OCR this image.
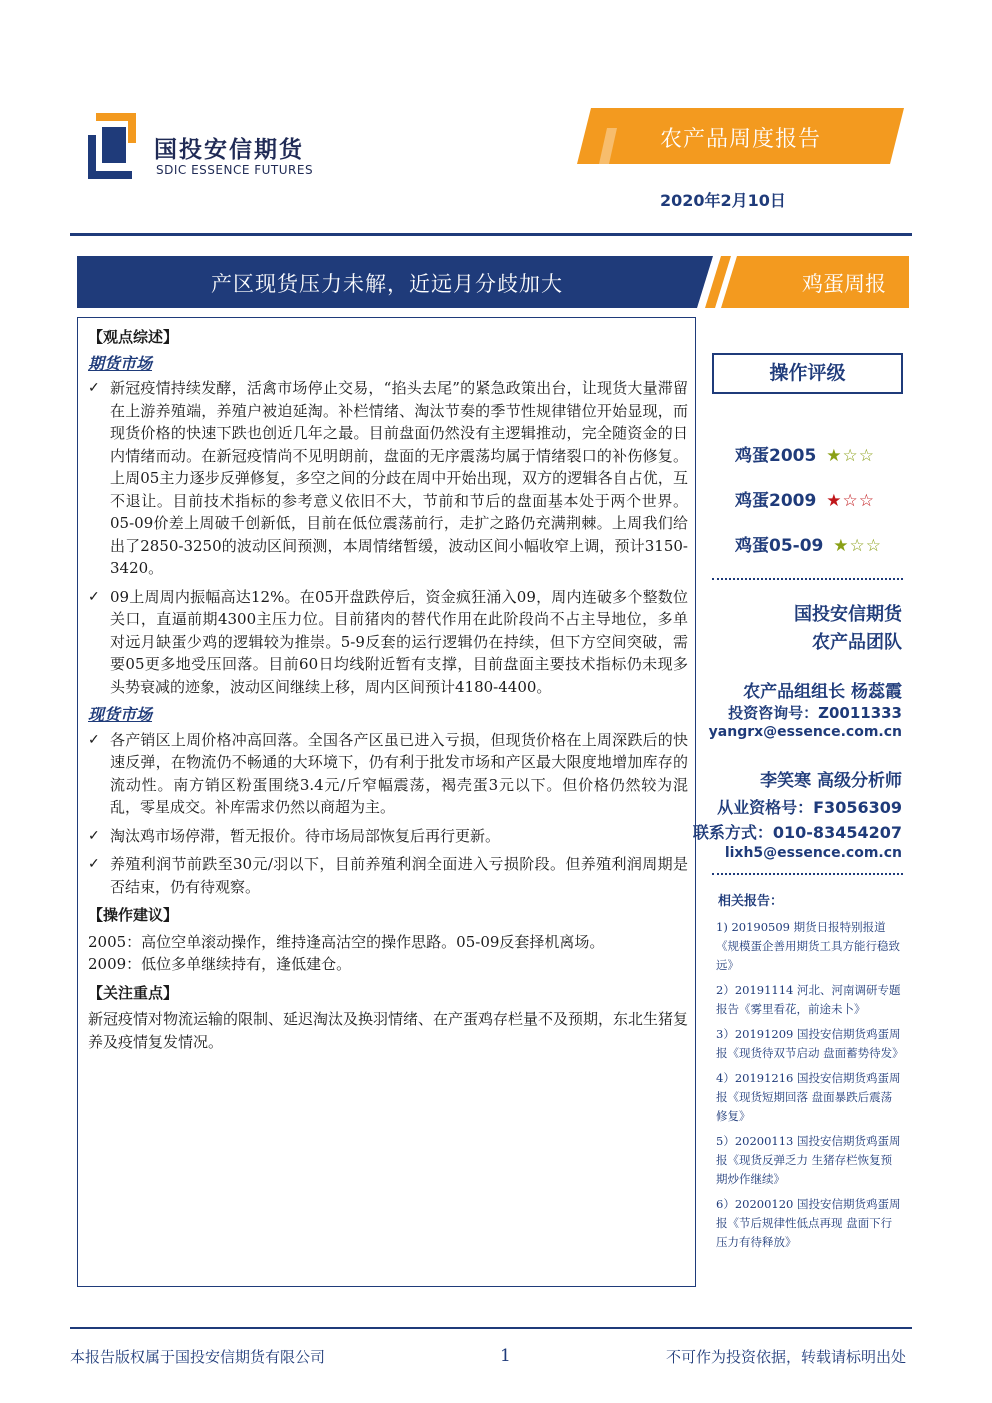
国投安信期货
SDIC ESSENCE FUTURES
农产品周度报告
2020年2月10日
产区现货压力未解，近远月分歧加大	鸡蛋周报
【观点综述】
期货市场
✓ 新冠疫情持续发酵，活禽市场停止交易，“掐头去尾”的紧急政策出台，让现货大量滞留在上游养殖端，养殖户被迫延淘。补栏情绪、淘汰节奏的季节性规律错位开始显现，而现货价格的快速下跌也创近几年之最。目前盘面仍然没有主逻辑推动，完全随资金的日内情绪而动。在新冠疫情尚不见明朗前，盘面的无序震荡均属于情绪裂口的补伤修复。上周05主力逐步反弹修复，多空之间的分歧在周中开始出现，双方的逻辑各自占优，互不退让。目前技术指标的参考意义依旧不大，节前和节后的盘面基本处于两个世界。05-09价差上周破千创新低，目前在低位震荡前行，走扩之路仍充满荆棘。上周我们给出了2850-3250的波动区间预测，本周情绪暂缓，波动区间小幅收窄上调，预计3150-3420。
✓ 09上周周内振幅高达12%。在05开盘跌停后，资金疯狂涌入09，周内连破多个整数位关口，直逼前期4300主压力位。目前猪肉的替代作用在此阶段尚不占主导地位，多单对远月缺蛋少鸡的逻辑较为推崇。5-9反套的运行逻辑仍在持续，但下方空间突破，需要05更多地受压回落。目前60日均线附近暂有支撑，目前盘面主要技术指标仍未现多头势衰减的迹象，波动区间继续上移，周内区间预计4180-4400。
现货市场
✓ 各产销区上周价格冲高回落。全国各产区虽已进入亏损，但现货价格在上周深跌后的快速反弹，在物流仍不畅通的大环境下，仍有利于批发市场和产区最大限度地增加库存的流动性。南方销区粉蛋围绕3.4元/斤窄幅震荡，褐壳蛋3元以下。但价格仍然较为混乱，零星成交。补库需求仍然以商超为主。
✓ 淘汰鸡市场停滞，暂无报价。待市场局部恢复后再行更新。
✓ 养殖利润节前跌至30元/羽以下，目前养殖利润全面进入亏损阶段。但养殖利润周期是否结束，仍有待观察。
【操作建议】
2005：高位空单滚动操作，维持逢高沽空的操作思路。05-09反套择机离场。
2009：低位多单继续持有，逢低建仓。
【关注重点】
新冠疫情对物流运输的限制、延迟淘汰及换羽情绪、在产蛋鸡存栏量不及预期，东北生猪复养及疫情复发情况。
操作评级
鸡蛋2005 ★☆☆
鸡蛋2009 ★☆☆
鸡蛋05-09 ★☆☆
国投安信期货
农产品团队
农产品组组长 杨蕊霞
投资咨询号：Z0011333
yangrx@essence.com.cn
李笑寒 高级分析师
从业资格号：F3056309
联系方式：010-83454207
lixh5@essence.com.cn
相关报告：
1) 20190509 期货日报特别报道《规模蛋企善用期货工具方能行稳致远》
2）20191114 河北、河南调研专题报告《雾里看花，前途未卜》
3）20191209 国投安信期货鸡蛋周报《现货待双节启动 盘面蓄势待发》
4）20191216 国投安信期货鸡蛋周报《现货短期回落 盘面暴跌后震荡修复》
5）20200113 国投安信期货鸡蛋周报《现货反弹乏力 生猪存栏恢复预期炒作继续》
6）20200120 国投安信期货鸡蛋周报《节后规律性低点再现 盘面下行压力有待释放》
本报告版权属于国投安信期货有限公司	1	不可作为投资依据，转载请标明出处
